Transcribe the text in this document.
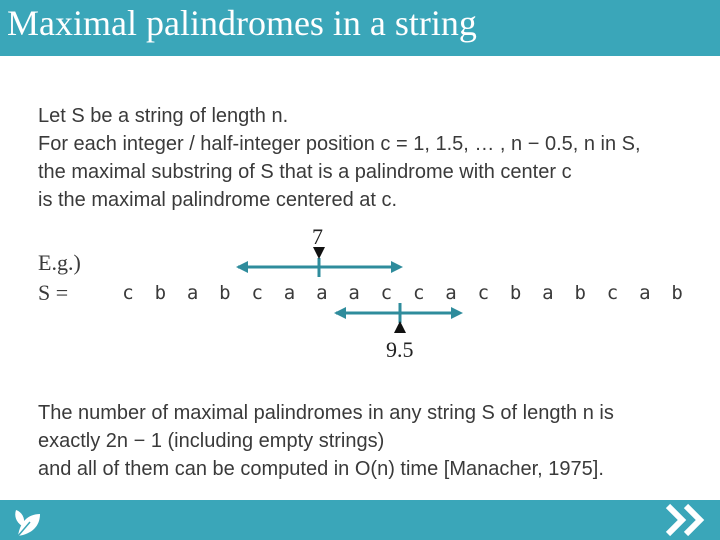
Maximal palindromes in a string
Let S be a string of length n.
For each integer / half-integer position c = 1, 1.5, … , n − 0.5, n in S,
the maximal substring of S that is a palindrome with center c
is the maximal palindrome centered at c.
E.g.)
S =	c b a b c a a a c c a c b a b c a b
7
9.5
The number of maximal palindromes in any string S of length n is
exactly 2n − 1 (including empty strings)
and all of them can be computed in O(n) time [Manacher, 1975].
